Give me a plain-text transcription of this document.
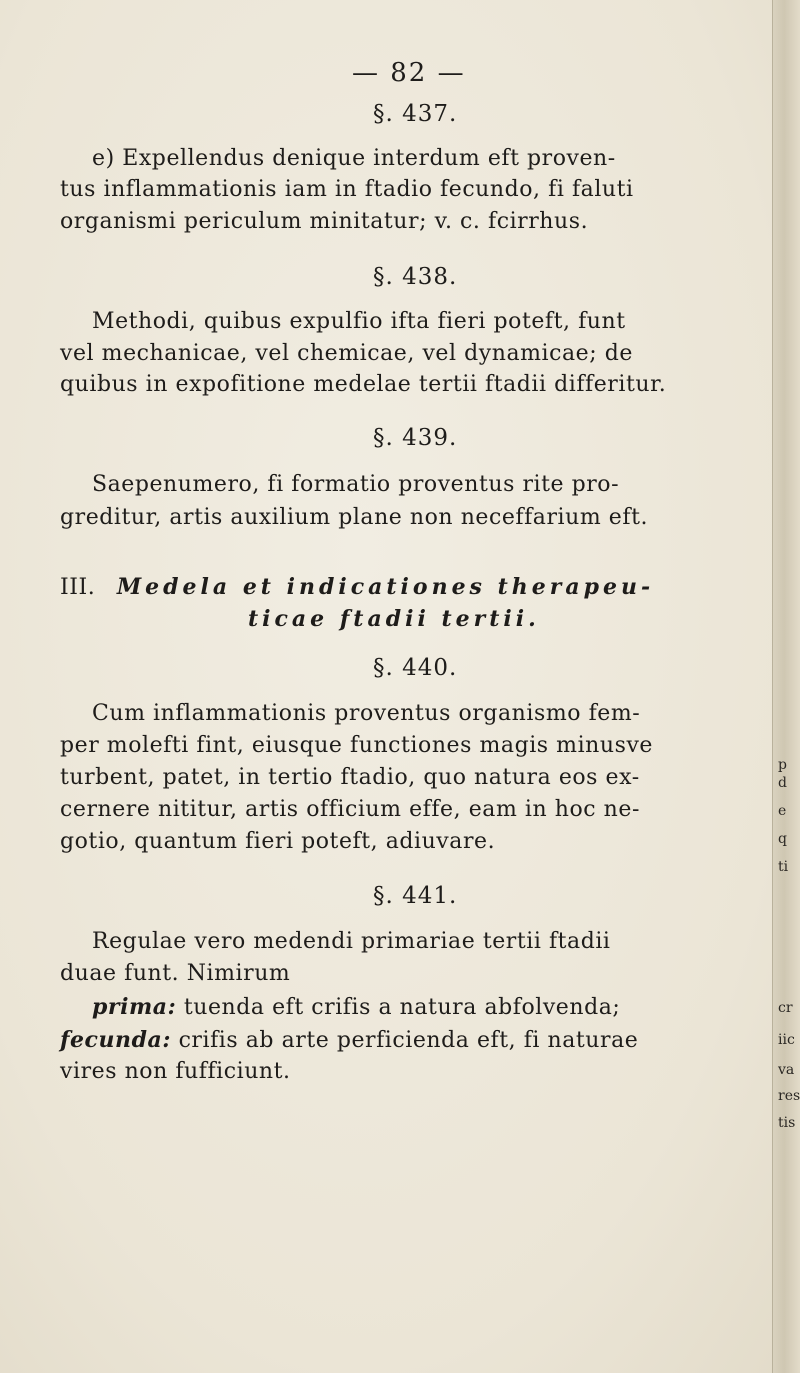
— 82 —
§. 437.
e) Expellendus denique interdum eft proven-
tus inflammationis iam in ftadio fecundo, fi faluti
organismi periculum minitatur; v. c. fcirrhus.
§. 438.
Methodi, quibus expulfio ifta fieri poteft, funt
vel mechanicae, vel chemicae, vel dynamicae; de
quibus in expofitione medelae tertii ftadii differitur.
§. 439.
Saepenumero, fi formatio proventus rite pro-
greditur, artis auxilium plane non neceffarium eft.
III. Medela et indicationes therapeu-
ticae ftadii tertii.
§. 440.
Cum inflammationis proventus organismo fem-
per molefti fint, eiusque functiones magis minusve
turbent, patet, in tertio ftadio, quo natura eos ex-
cernere nititur, artis officium effe, eam in hoc ne-
gotio, quantum fieri poteft, adiuvare.
§. 441.
Regulae vero medendi primariae tertii ftadii
duae funt. Nimirum
prima: tuenda eft crifis a natura abfolvenda;
fecunda: crifis ab arte perficienda eft, fi naturae
vires non fufficiunt.
p
d
e
q
ti
cr
iic
va
res
tis
